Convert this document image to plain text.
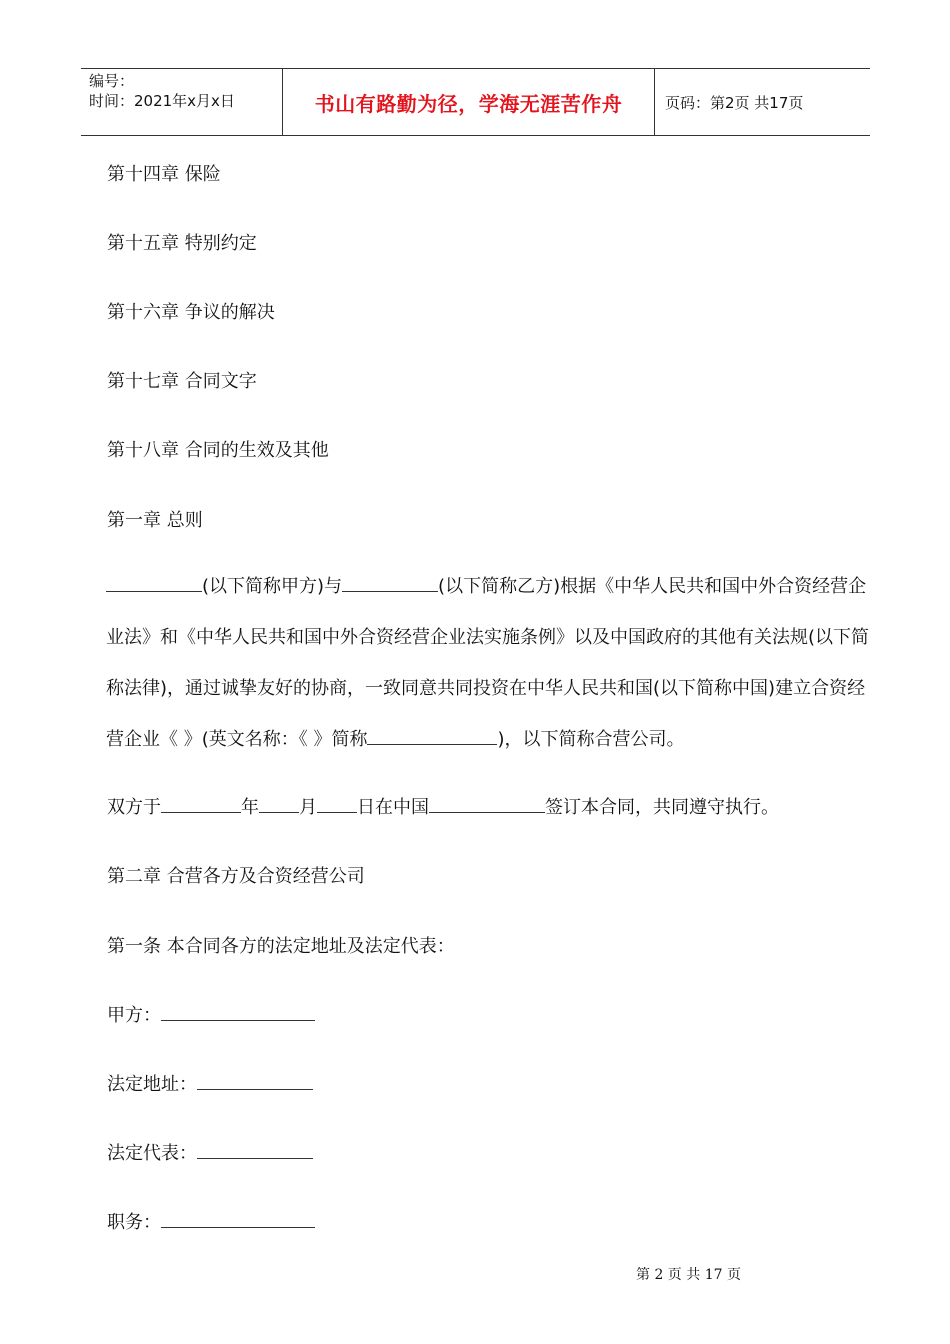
编号：
时间：2021年x月x日	书山有路勤为径，学海无涯苦作舟	页码：第2页 共17页
第十四章 保险
第十五章 特别约定
第十六章 争议的解决
第十七章 合同文字
第十八章 合同的生效及其他
第一章 总则
(以下简称甲方)与	(以下简称乙方)根据《中华人民共和国中外合资经营企业法》和《中华人民共和国中外合资经营企业法实施条例》以及中国政府的其他有关法规(以下简称法律)，通过诚挚友好的协商，一致同意共同投资在中华人民共和国(以下简称中国)建立合资经营企业《 》(英文名称：《 》简称	)，以下简称合营公司。
双方于	年 月 日在中国	签订本合同，共同遵守执行。
第二章 合营各方及合资经营公司
第一条 本合同各方的法定地址及法定代表：
甲方：
法定地址：
法定代表：
职务：
第 2 页 共 17 页
